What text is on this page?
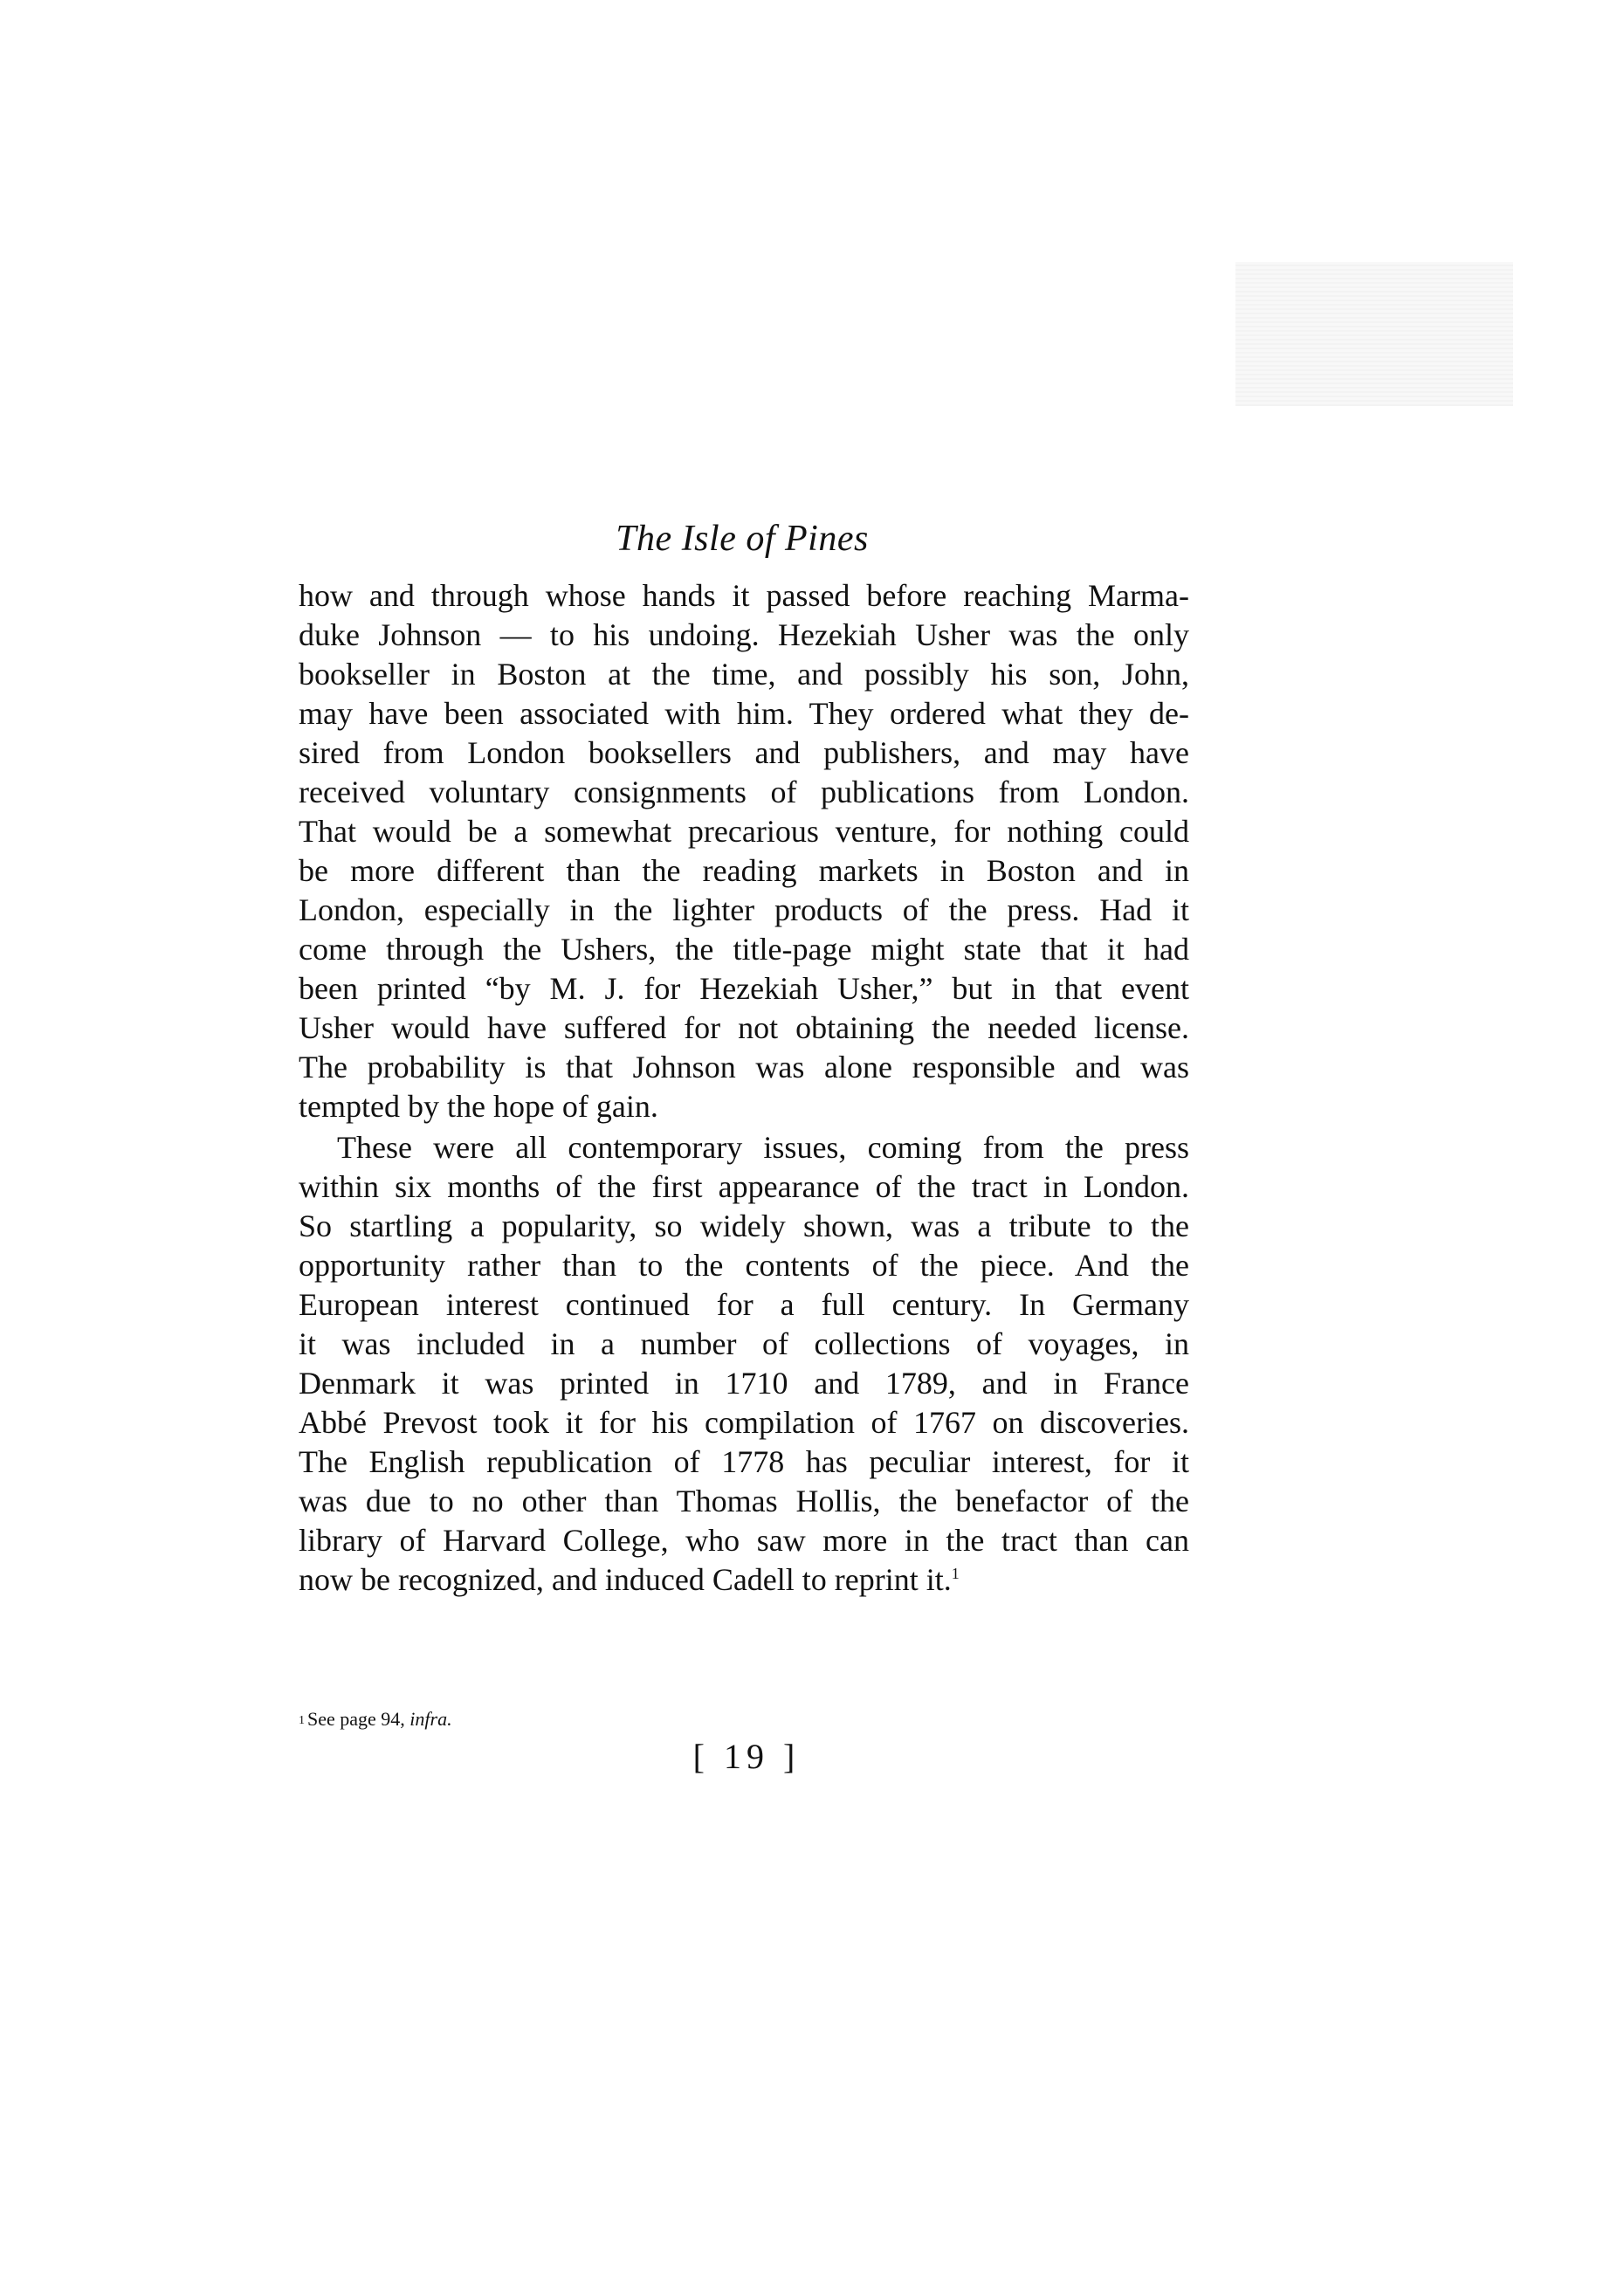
The Isle of Pines
how and through whose hands it passed before reaching Marma-
duke Johnson — to his undoing. Hezekiah Usher was the only
bookseller in Boston at the time, and possibly his son, John,
may have been associated with him. They ordered what they de-
sired from London booksellers and publishers, and may have
received voluntary consignments of publications from London.
That would be a somewhat precarious venture, for nothing could
be more different than the reading markets in Boston and in
London, especially in the lighter products of the press. Had it
come through the Ushers, the title-page might state that it had
been printed “by M. J. for Hezekiah Usher,” but in that event
Usher would have suffered for not obtaining the needed license.
The probability is that Johnson was alone responsible and was
tempted by the hope of gain.
These were all contemporary issues, coming from the press
within six months of the first appearance of the tract in London.
So startling a popularity, so widely shown, was a tribute to the
opportunity rather than to the contents of the piece. And the
European interest continued for a full century. In Germany
it was included in a number of collections of voyages, in
Denmark it was printed in 1710 and 1789, and in France
Abbé Prevost took it for his compilation of 1767 on discoveries.
The English republication of 1778 has peculiar interest, for it
was due to no other than Thomas Hollis, the benefactor of the
library of Harvard College, who saw more in the tract than can
now be recognized, and induced Cadell to reprint it.$^1$
$^1$ See page 94, infra.
[ 19 ]
